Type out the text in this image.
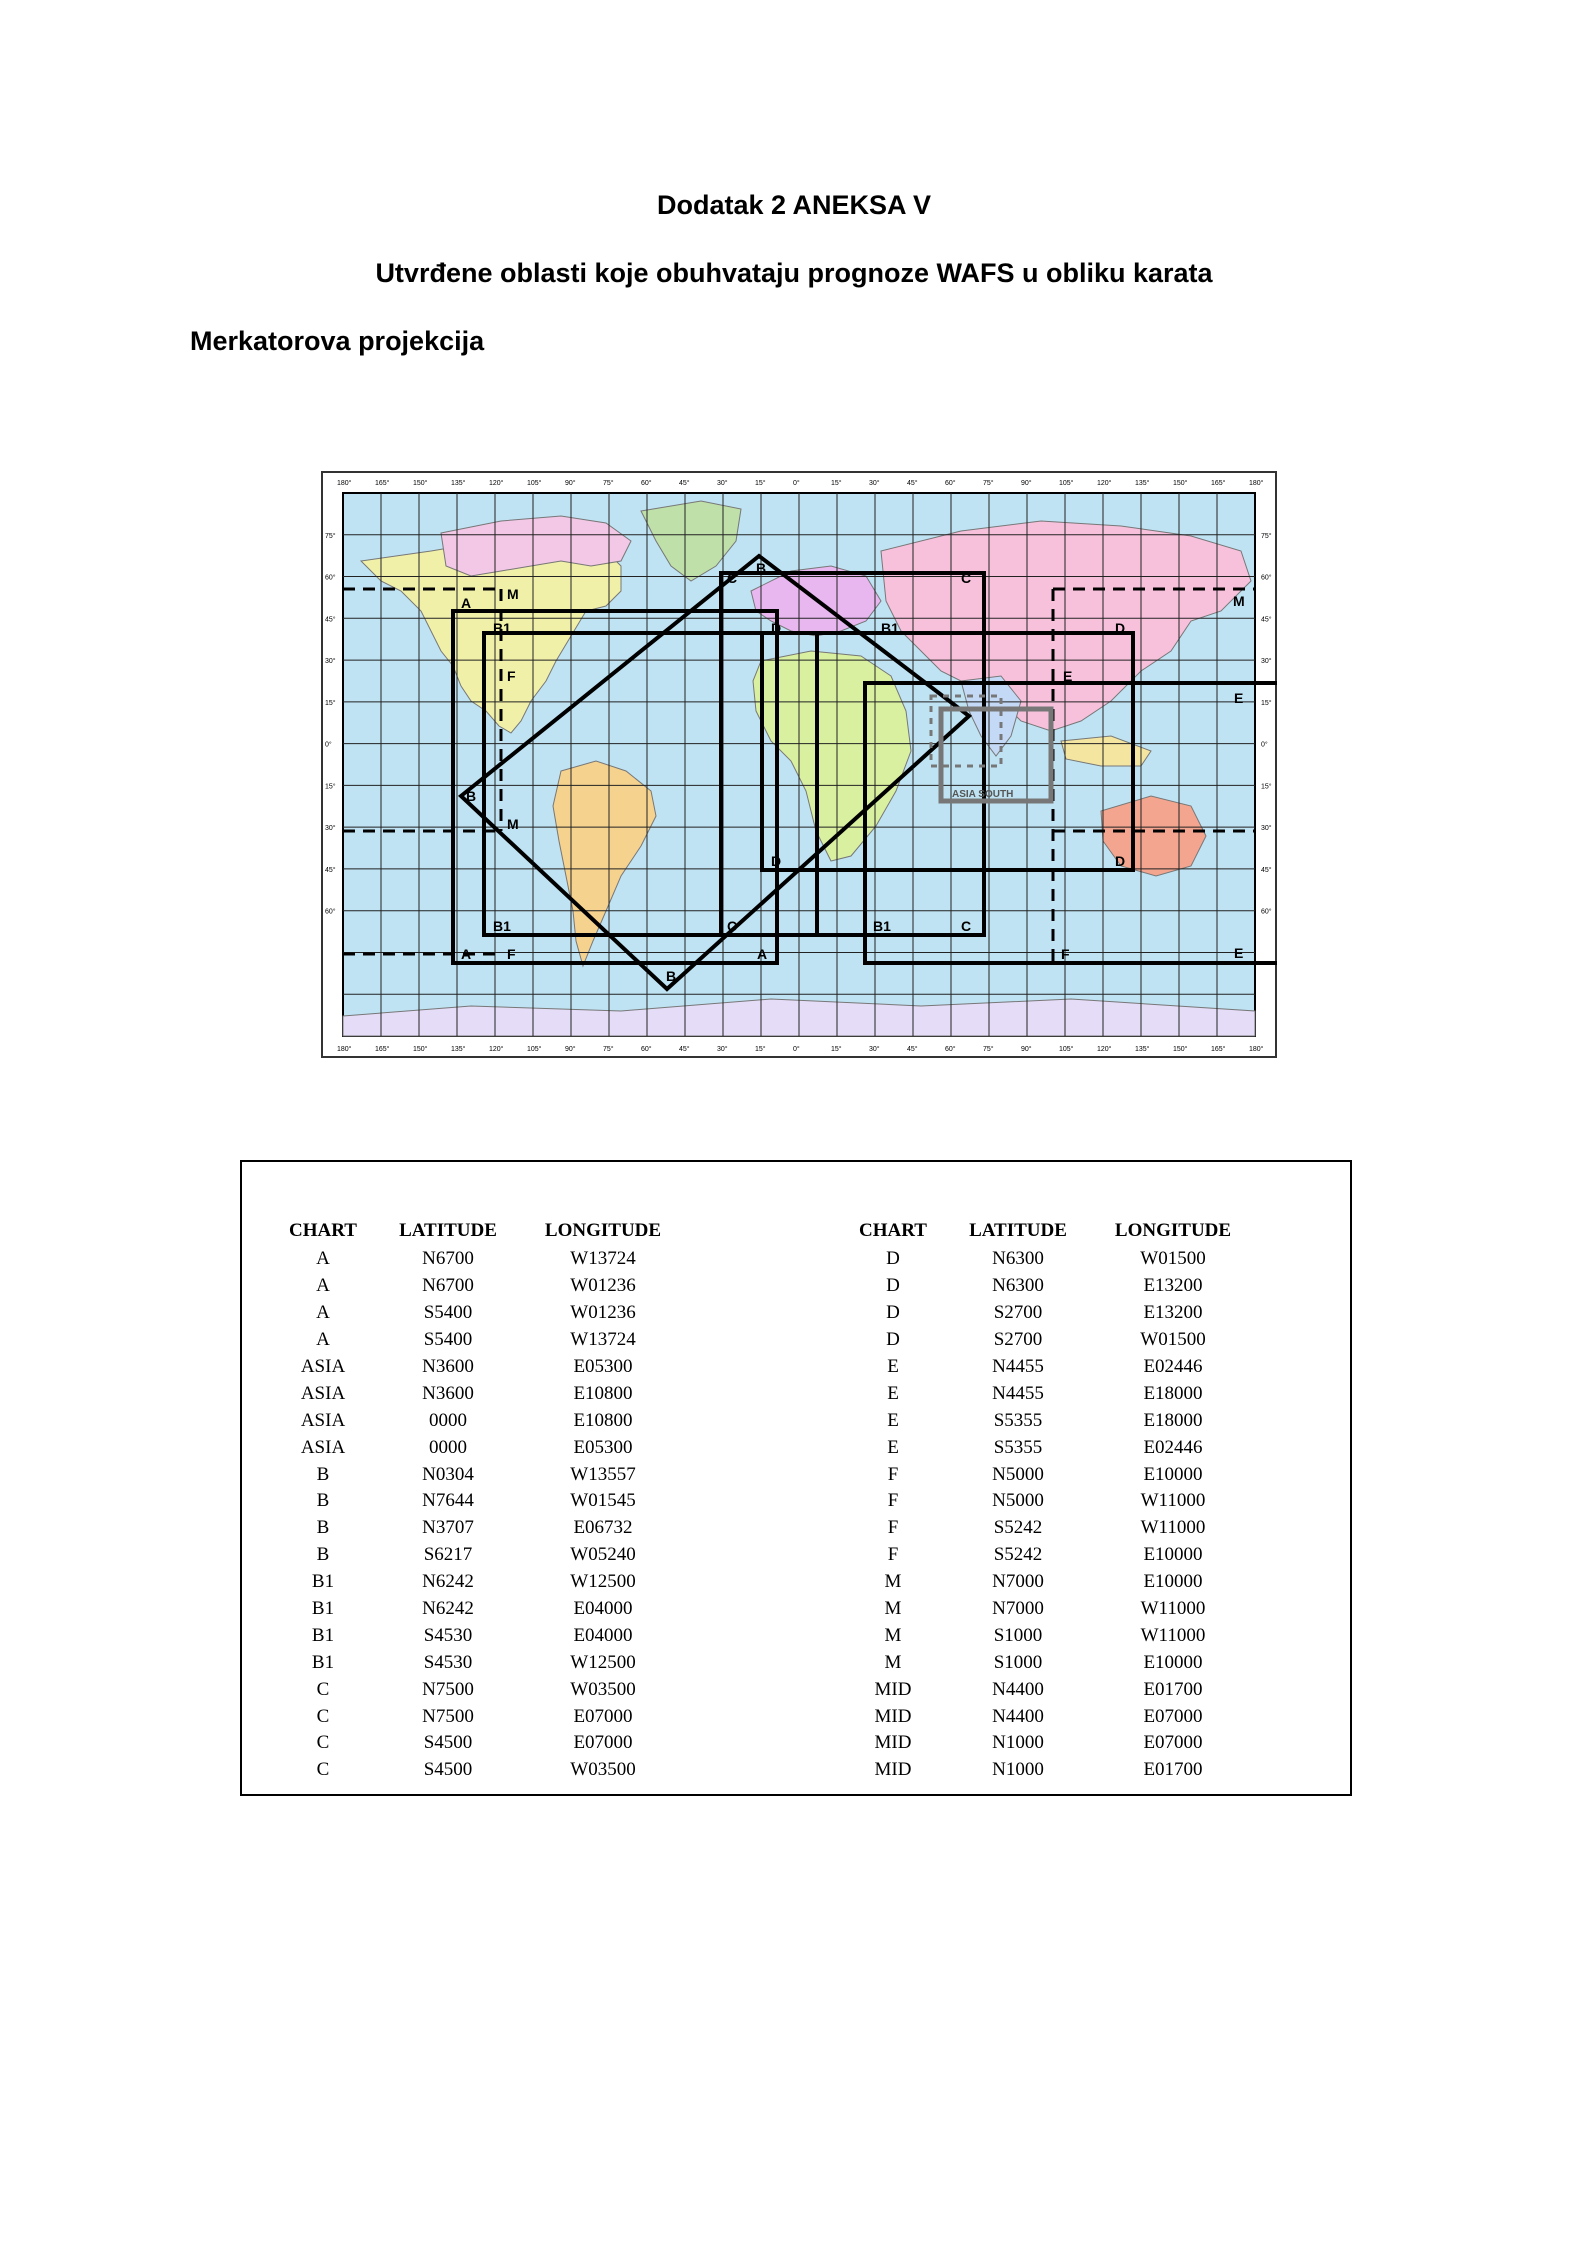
Dodatak 2 ANEKSA V
Utvrđene oblasti koje obuhvataju prognoze WAFS u obliku karata
Merkatorova projekcija
A
A	A
B1
B1	B1
B1
C	C
C	C
D	D
D	D
E
E
F
F	F
E
M
M
M
B
B
B
ASIA SOUTH
180°	165°	150°	135°	120°	105°	90°	75°	60°	45°	30°	15°	0°	15°	30°	45°	60°	75°	90°	105°	120°	135°	150°	165°	180°
180°	165°	150°	135°	120°	105°	90°	75°	60°	45°	30°	15°	0°	15°	30°	45°	60°	75°	90°	105°	120°	135°	150°	165°	180°
75°	75°
60°	60°
45°	45°
30°	30°
15°	15°
0°	0°
15°	15°
30°	30°
45°	45°
60°	60°
CHART	LATITUDE	LONGITUDE
A	N6700	W13724
A	N6700	W01236
A	S5400	W01236
A	S5400	W13724
ASIA	N3600	E05300
ASIA	N3600	E10800
ASIA	0000	E10800
ASIA	0000	E05300
B	N0304	W13557
B	N7644	W01545
B	N3707	E06732
B	S6217	W05240
B1	N6242	W12500
B1	N6242	E04000
B1	S4530	E04000
B1	S4530	W12500
C	N7500	W03500
C	N7500	E07000
C	S4500	E07000
C	S4500	W03500
CHART	LATITUDE	LONGITUDE
D	N6300	W01500
D	N6300	E13200
D	S2700	E13200
D	S2700	W01500
E	N4455	E02446
E	N4455	E18000
E	S5355	E18000
E	S5355	E02446
F	N5000	E10000
F	N5000	W11000
F	S5242	W11000
F	S5242	E10000
M	N7000	E10000
M	N7000	W11000
M	S1000	W11000
M	S1000	E10000
MID	N4400	E01700
MID	N4400	E07000
MID	N1000	E07000
MID	N1000	E01700
